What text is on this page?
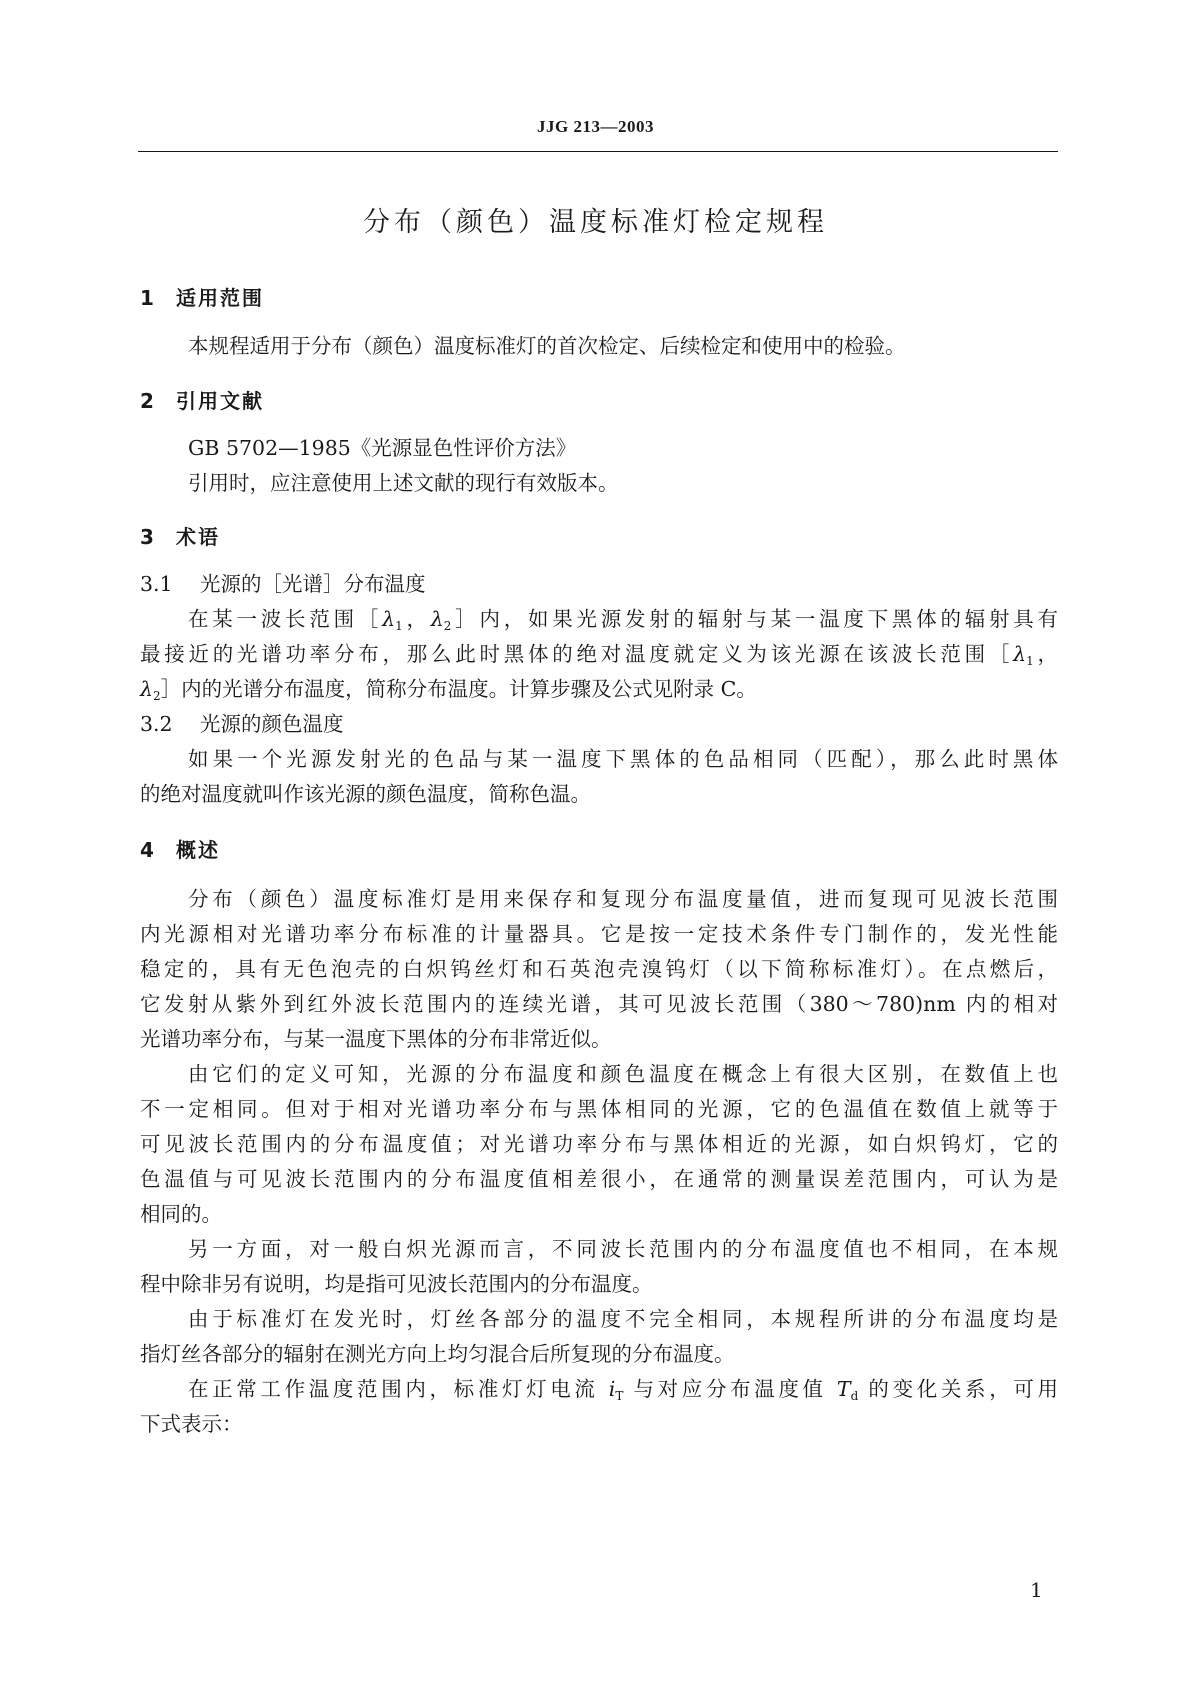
JJG 213—2003
分布（颜色）温度标准灯检定规程
1 适用范围
本规程适用于分布（颜色）温度标准灯的首次检定、后续检定和使用中的检验。
2 引用文献
GB 5702—1985《光源显色性评价方法》
引用时，应注意使用上述文献的现行有效版本。
3 术语
3.1 光源的［光谱］分布温度
在某一波长范围$[\lambda_1$，$\lambda_2]$内，如果光源发射的辐射与某一温度下黑体的辐射具有
最接近的光谱功率分布，那么此时黑体的绝对温度就定义为该光源在该波长范围$[\lambda_1$，
$\lambda_2]$内的光谱分布温度，简称分布温度。计算步骤及公式见附录 C。
3.2 光源的颜色温度
如果一个光源发射光的色品与某一温度下黑体的色品相同（匹配），那么此时黑体
的绝对温度就叫作该光源的颜色温度，简称色温。
4 概述
分布（颜色）温度标准灯是用来保存和复现分布温度量值，进而复现可见波长范围
内光源相对光谱功率分布标准的计量器具。它是按一定技术条件专门制作的，发光性能
稳定的，具有无色泡壳的白炽钨丝灯和石英泡壳溴钨灯（以下简称标准灯）。在点燃后，
它发射从紫外到红外波长范围内的连续光谱，其可见波长范围（380～780)nm 内的相对
光谱功率分布，与某一温度下黑体的分布非常近似。
由它们的定义可知，光源的分布温度和颜色温度在概念上有很大区别，在数值上也
不一定相同。但对于相对光谱功率分布与黑体相同的光源，它的色温值在数值上就等于
可见波长范围内的分布温度值；对光谱功率分布与黑体相近的光源，如白炽钨灯，它的
色温值与可见波长范围内的分布温度值相差很小，在通常的测量误差范围内，可认为是
相同的。
另一方面，对一般白炽光源而言，不同波长范围内的分布温度值也不相同，在本规
程中除非另有说明，均是指可见波长范围内的分布温度。
由于标准灯在发光时，灯丝各部分的温度不完全相同，本规程所讲的分布温度均是
指灯丝各部分的辐射在测光方向上均匀混合后所复现的分布温度。
在正常工作温度范围内，标准灯灯电流 $i_T$ 与对应分布温度值 $T_d$ 的变化关系，可用
下式表示：
1
